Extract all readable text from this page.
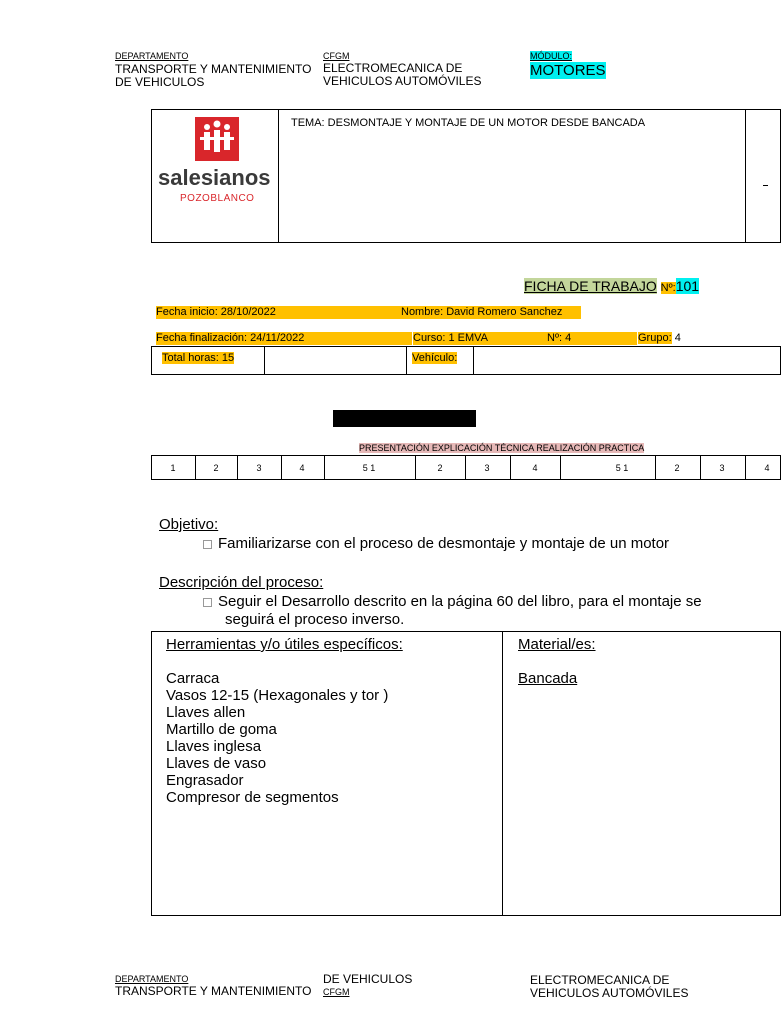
DEPARTAMENTO
TRANSPORTE Y MANTENIMIENTO
DE VEHICULOS
CFGM
ELECTROMECANICA DE
VEHICULOS AUTOMÓVILES
MÓDULO:
MOTORES
salesianos
POZOBLANCO
TEMA: DESMONTAJE Y MONTAJE DE UN MOTOR DESDE BANCADA
FICHA DE TRABAJO Nº:101
Fecha inicio: 28/10/2022	Nombre: David Romero Sanchez
Fecha finalización: 24/11/2022	Curso: 1 EMVA	Nº: 4	Grupo: 4
Total horas: 15	Vehículo:
PRESENTACIÓN EXPLICACIÓN TÉCNICA REALIZACIÓN PRACTICA
1	2	3	4	5 1	2	3	4	5 1	2	3	4
Objetivo:
Familiarizarse con el proceso de desmontaje y montaje de un motor
Descripción del proceso:
Seguir el Desarrollo descrito en la página 60 del libro, para el montaje se
seguirá el proceso inverso.
Herramientas y/o útiles específicos:
Carraca
Vasos 12-15 (Hexagonales y tor )
Llaves allen
Martillo de goma
Llaves inglesa
Llaves de vaso
Engrasador
Compresor de segmentos
Material/es:
Bancada
DEPARTAMENTO
TRANSPORTE Y MANTENIMIENTO
DE VEHICULOS
CFGM
ELECTROMECANICA DE
VEHICULOS AUTOMÓVILES
